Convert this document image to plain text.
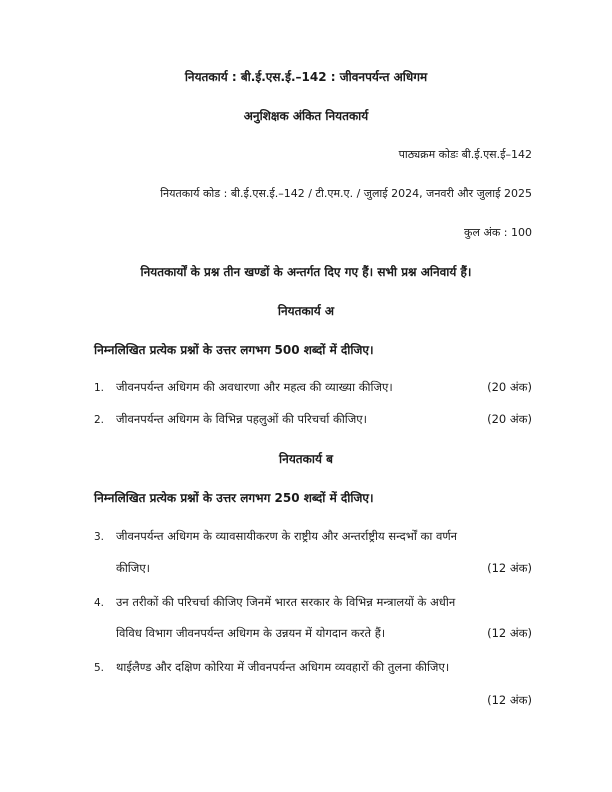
नियतकार्य : बी.ई.एस.ई.–142 : जीवनपर्यन्त अधिगम
अनुशिक्षक अंकित नियतकार्य
पाठ्यक्रम कोडः बी.ई.एस.ई–142
नियतकार्य कोड : बी.ई.एस.ई.–142 / टी.एम.ए. / जुलाई 2024, जनवरी और जुलाई 2025
कुल अंक : 100
नियतकार्यों के प्रश्न तीन खण्डों के अन्तर्गत दिए गए हैं। सभी प्रश्न अनिवार्य हैं।
नियतकार्य अ
निम्नलिखित प्रत्येक प्रश्नों के उत्तर लगभग 500 शब्दों में दीजिए।
1. जीवनपर्यन्त अधिगम की अवधारणा और महत्व की व्याख्या कीजिए।	(20 अंक)
2. जीवनपर्यन्त अधिगम के विभिन्न पहलुओं की परिचर्चा कीजिए।	(20 अंक)
नियतकार्य ब
निम्नलिखित प्रत्येक प्रश्नों के उत्तर लगभग 250 शब्दों में दीजिए।
3. जीवनपर्यन्त अधिगम के व्यावसायीकरण के राष्ट्रीय और अन्तर्राष्ट्रीय सन्दर्भों का वर्णन
कीजिए।	(12 अंक)
4. उन तरीकों की परिचर्चा कीजिए जिनमें भारत सरकार के विभिन्न मन्त्रालयों के अधीन
विविध विभाग जीवनपर्यन्त अधिगम के उन्नयन में योगदान करते हैं।	(12 अंक)
5. थाईलैण्ड और दक्षिण कोरिया में जीवनपर्यन्त अधिगम व्यवहारों की तुलना कीजिए।
(12 अंक)
